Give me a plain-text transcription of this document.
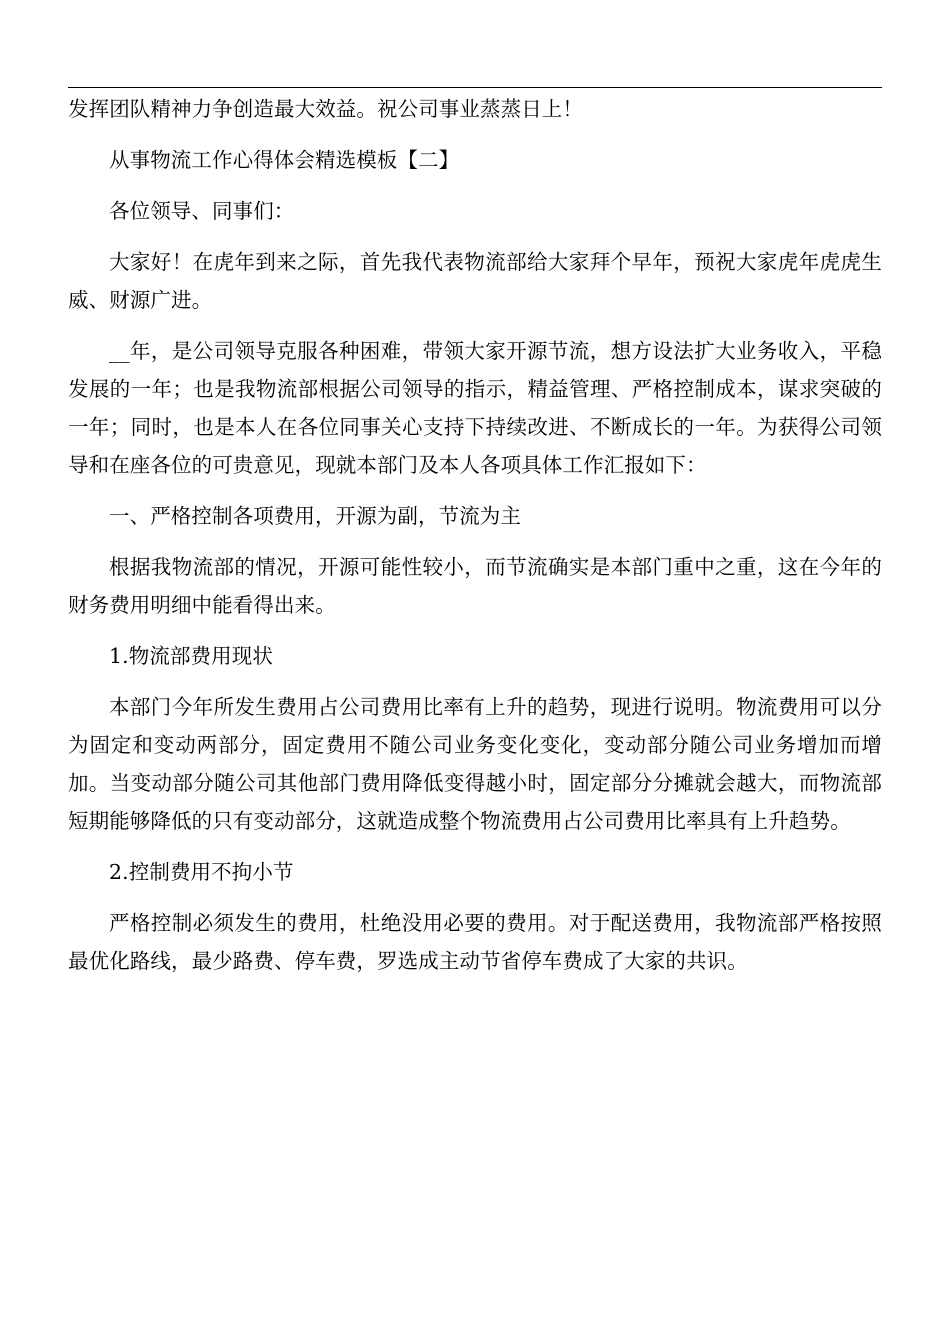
发挥团队精神力争创造最大效益。祝公司事业蒸蒸日上！

从事物流工作心得体会精选模板【二】

各位领导、同事们：

大家好！在虎年到来之际，首先我代表物流部给大家拜个早年，预祝大家虎年虎虎生威、财源广进。

__年，是公司领导克服各种困难，带领大家开源节流，想方设法扩大业务收入，平稳发展的一年；也是我物流部根据公司领导的指示，精益管理、严格控制成本，谋求突破的一年；同时，也是本人在各位同事关心支持下持续改进、不断成长的一年。为获得公司领导和在座各位的可贵意见，现就本部门及本人各项具体工作汇报如下：

一、严格控制各项费用，开源为副，节流为主

根据我物流部的情况，开源可能性较小，而节流确实是本部门重中之重，这在今年的财务费用明细中能看得出来。

1.物流部费用现状

本部门今年所发生费用占公司费用比率有上升的趋势，现进行说明。物流费用可以分为固定和变动两部分，固定费用不随公司业务变化变化，变动部分随公司业务增加而增加。当变动部分随公司其他部门费用降低变得越小时，固定部分分摊就会越大，而物流部短期能够降低的只有变动部分，这就造成整个物流费用占公司费用比率具有上升趋势。

2.控制费用不拘小节

严格控制必须发生的费用，杜绝没用必要的费用。对于配送费用，我物流部严格按照最优化路线，最少路费、停车费，罗选成主动节省停车费成了大家的共识。
